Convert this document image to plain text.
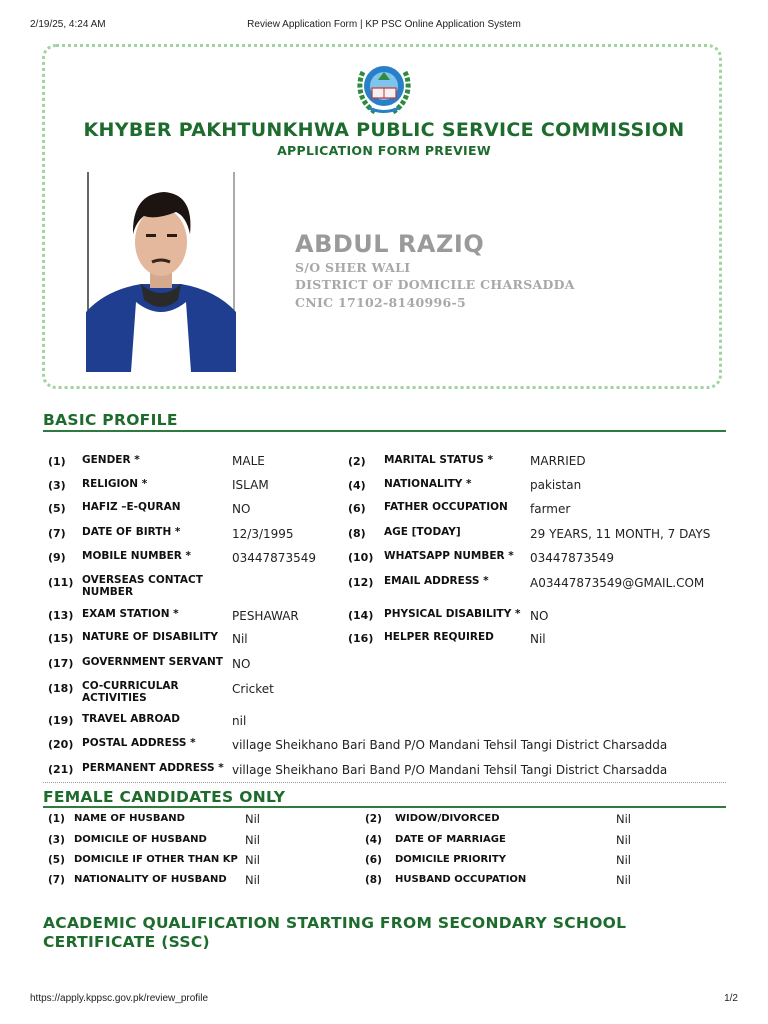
2/19/25, 4:24 AM	Review Application Form | KP PSC Online Application System
KHYBER PAKHTUNKHWA PUBLIC SERVICE COMMISSION
APPLICATION FORM PREVIEW
ABDUL RAZIQ
S/O SHER WALI
DISTRICT OF DOMICILE CHARSADDA
CNIC 17102-8140996-5
BASIC PROFILE
(1) GENDER *	MALE	(2) MARITAL STATUS *	MARRIED
(3) RELIGION *	ISLAM	(4) NATIONALITY *	pakistan
(5) HAFIZ –E-QURAN	NO	(6) FATHER OCCUPATION farmer
(7) DATE OF BIRTH *	12/3/1995	(8) AGE [TODAY]	29 YEARS, 11 MONTH, 7 DAYS
(9) MOBILE NUMBER *	03447873549	(10) WHATSAPP NUMBER * 03447873549
(11) OVERSEAS CONTACT
NUMBER
(12) EMAIL ADDRESS *	A03447873549@GMAIL.COM
(13) EXAM STATION *	PESHAWAR	(14) PHYSICAL DISABILITY * NO
(15) NATURE OF DISABILITY Nil	(16) HELPER REQUIRED	Nil
(17) GOVERNMENT SERVANT NO
(18) CO-CURRICULAR
ACTIVITIES
Cricket
(19) TRAVEL ABROAD	nil
(20) POSTAL ADDRESS *	village Sheikhano Bari Band P/O Mandani Tehsil Tangi District Charsadda
(21) PERMANENT ADDRESS * village Sheikhano Bari Band P/O Mandani Tehsil Tangi District Charsadda
FEMALE CANDIDATES ONLY
(1) NAME OF HUSBAND	Nil	(2) WIDOW/DIVORCED	Nil
(3) DOMICILE OF HUSBAND	Nil	(4) DATE OF MARRIAGE	Nil
(5) DOMICILE IF OTHER THAN KP Nil	(6) DOMICILE PRIORITY	Nil
(7) NATIONALITY OF HUSBAND Nil	(8) HUSBAND OCCUPATION	Nil
ACADEMIC QUALIFICATION STARTING FROM SECONDARY SCHOOL
CERTIFICATE (SSC)
https://apply.kppsc.gov.pk/review_profile	1/2
